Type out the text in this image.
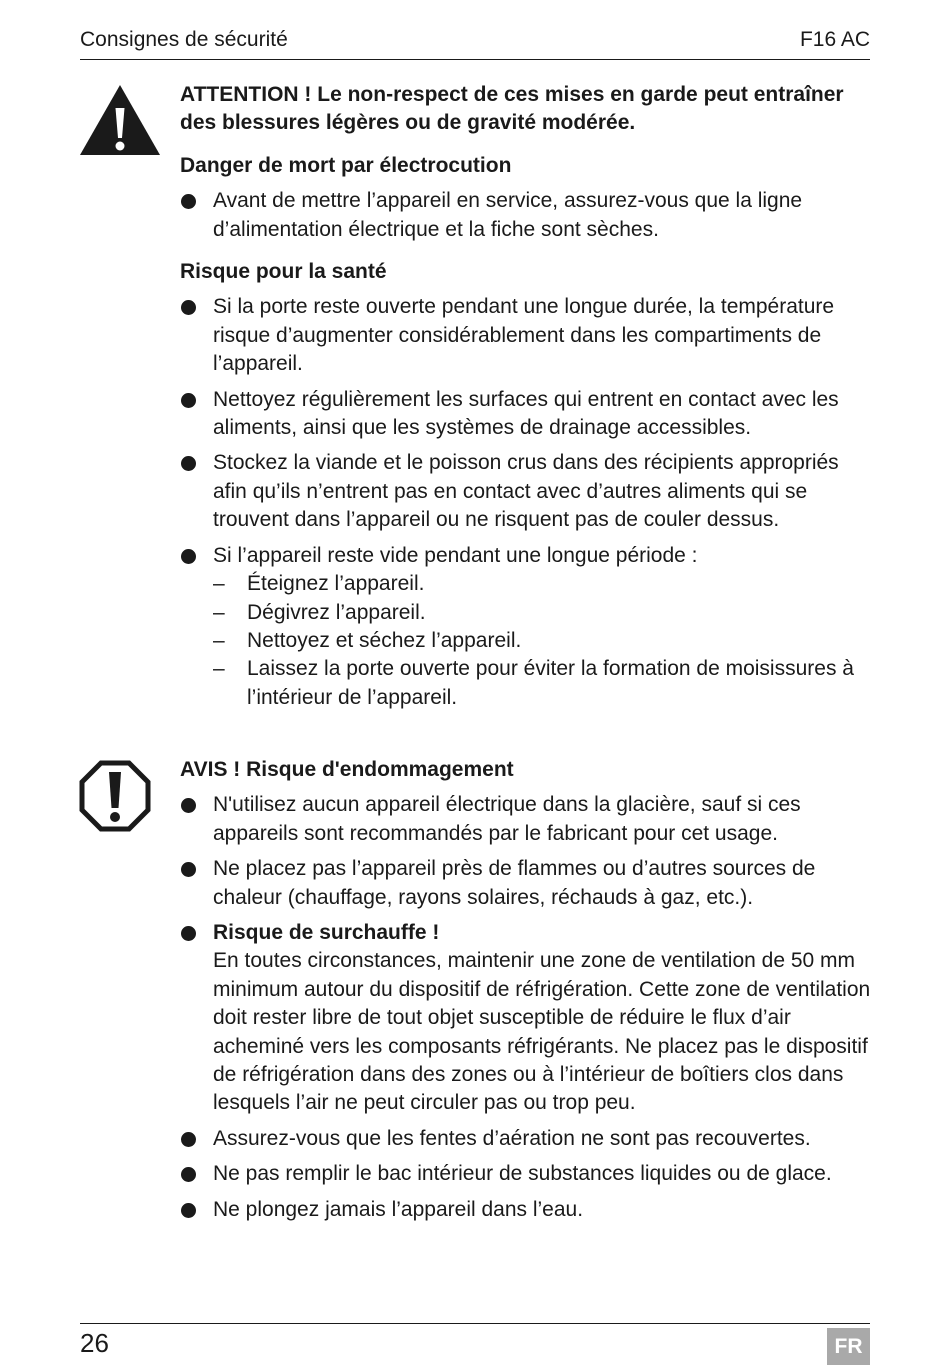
Consignes de sécurité	F16 AC
ATTENTION ! Le non-respect de ces mises en garde peut entraîner des blessures légères ou de gravité modérée.
Danger de mort par électrocution
Avant de mettre l’appareil en service, assurez-vous que la ligne d’alimentation électrique et la fiche sont sèches.
Risque pour la santé
Si la porte reste ouverte pendant une longue durée, la température risque d’augmenter considérablement dans les compartiments de l’appareil.
Nettoyez régulièrement les surfaces qui entrent en contact avec les aliments, ainsi que les systèmes de drainage accessibles.
Stockez la viande et le poisson crus dans des récipients appropriés afin qu’ils n’entrent pas en contact avec d’autres aliments qui se trouvent dans l’appareil ou ne risquent pas de couler dessus.
Si l’appareil reste vide pendant une longue période :
– Éteignez l’appareil.
– Dégivrez l’appareil.
– Nettoyez et séchez l’appareil.
– Laissez la porte ouverte pour éviter la formation de moisissures à l’intérieur de l’appareil.
AVIS ! Risque d'endommagement
N'utilisez aucun appareil électrique dans la glacière, sauf si ces appareils sont recommandés par le fabricant pour cet usage.
Ne placez pas l’appareil près de flammes ou d’autres sources de chaleur (chauffage, rayons solaires, réchauds à gaz, etc.).
Risque de surchauffe !
En toutes circonstances, maintenir une zone de ventilation de 50 mm minimum autour du dispositif de réfrigération. Cette zone de ventilation doit rester libre de tout objet susceptible de réduire le flux d’air acheminé vers les composants réfrigérants. Ne placez pas le dispositif de réfrigération dans des zones ou à l’intérieur de boîtiers clos dans lesquels l’air ne peut circuler pas ou trop peu.
Assurez-vous que les fentes d’aération ne sont pas recouvertes.
Ne pas remplir le bac intérieur de substances liquides ou de glace.
Ne plongez jamais l’appareil dans l’eau.
26	FR
